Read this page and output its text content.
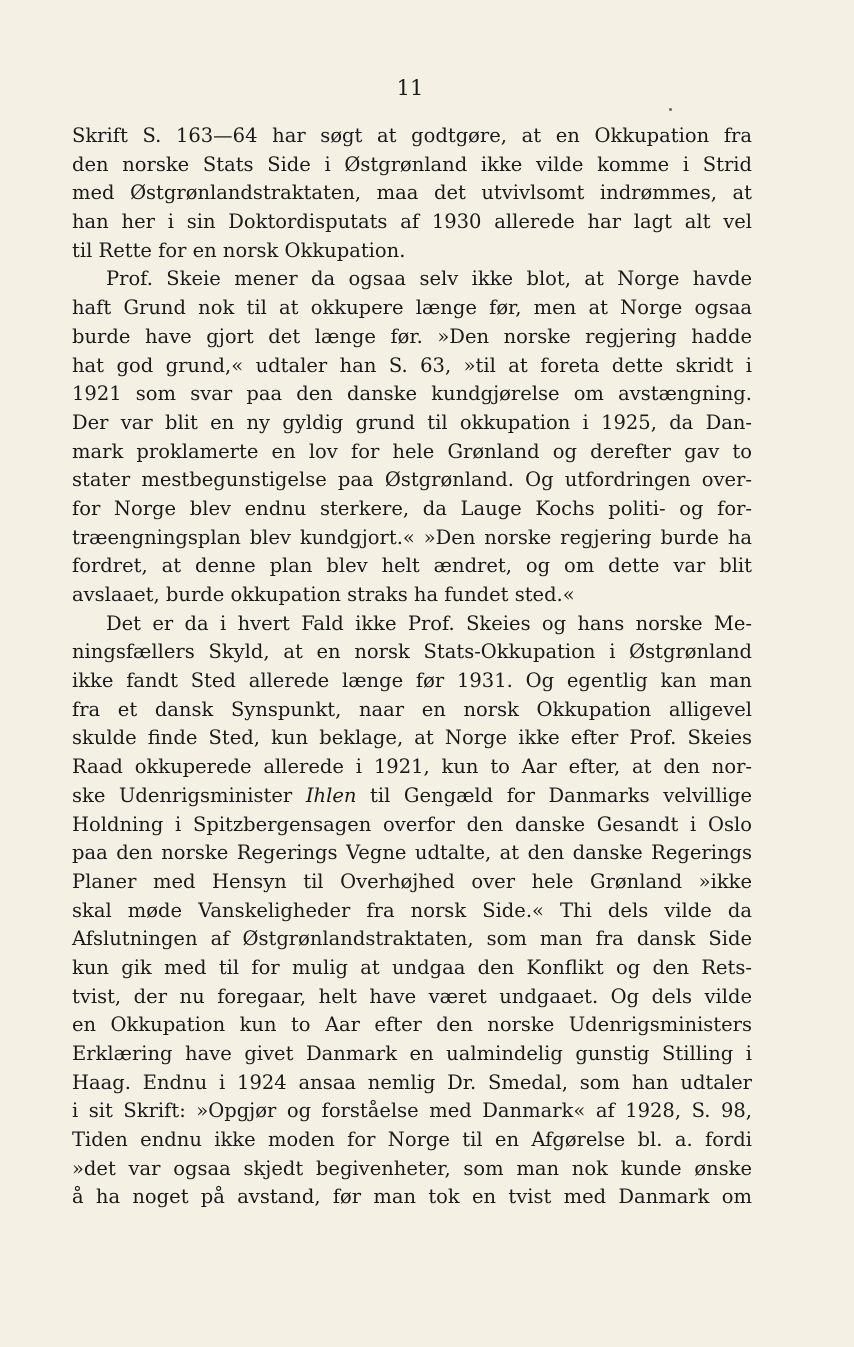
11
Skrift S. 163—64 har søgt at godtgøre, at en Okkupation fra
den norske Stats Side i Østgrønland ikke vilde komme i Strid
med Østgrønlandstraktaten, maa det utvivlsomt indrømmes, at
han her i sin Doktordisputats af 1930 allerede har lagt alt vel
til Rette for en norsk Okkupation.
Prof. Skeie mener da ogsaa selv ikke blot, at Norge havde
haft Grund nok til at okkupere længe før, men at Norge ogsaa
burde have gjort det længe før. »Den norske regjering hadde
hat god grund,« udtaler han S. 63, »til at foreta dette skridt i
1921 som svar paa den danske kundgjørelse om avstængning.
Der var blit en ny gyldig grund til okkupation i 1925, da Dan-
mark proklamerte en lov for hele Grønland og derefter gav to
stater mestbegunstigelse paa Østgrønland. Og utfordringen over-
for Norge blev endnu sterkere, da Lauge Kochs politi- og for-
træengningsplan blev kundgjort.« »Den norske regjering burde ha
fordret, at denne plan blev helt ændret, og om dette var blit
avslaaet, burde okkupation straks ha fundet sted.«
Det er da i hvert Fald ikke Prof. Skeies og hans norske Me-
ningsfællers Skyld, at en norsk Stats-Okkupation i Østgrønland
ikke fandt Sted allerede længe før 1931. Og egentlig kan man
fra et dansk Synspunkt, naar en norsk Okkupation alligevel
skulde finde Sted, kun beklage, at Norge ikke efter Prof. Skeies
Raad okkuperede allerede i 1921, kun to Aar efter, at den nor-
ske Udenrigsminister Ihlen til Gengæld for Danmarks velvillige
Holdning i Spitzbergensagen overfor den danske Gesandt i Oslo
paa den norske Regerings Vegne udtalte, at den danske Regerings
Planer med Hensyn til Overhøjhed over hele Grønland »ikke
skal møde Vanskeligheder fra norsk Side.« Thi dels vilde da
Afslutningen af Østgrønlandstraktaten, som man fra dansk Side
kun gik med til for mulig at undgaa den Konflikt og den Rets-
tvist, der nu foregaar, helt have været undgaaet. Og dels vilde
en Okkupation kun to Aar efter den norske Udenrigsministers
Erklæring have givet Danmark en ualmindelig gunstig Stilling i
Haag. Endnu i 1924 ansaa nemlig Dr. Smedal, som han udtaler
i sit Skrift: »Opgjør og forståelse med Danmark« af 1928, S. 98,
Tiden endnu ikke moden for Norge til en Afgørelse bl. a. fordi
»det var ogsaa skjedt begivenheter, som man nok kunde ønske
å ha noget på avstand, før man tok en tvist med Danmark om
